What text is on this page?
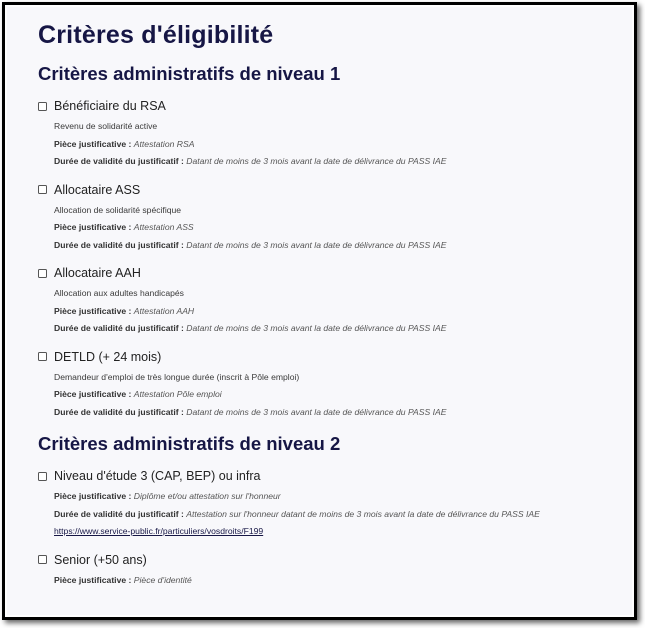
Critères d'éligibilité
Critères administratifs de niveau 1
Bénéficiaire du RSA
Revenu de solidarité active
Pièce justificative : Attestation RSA
Durée de validité du justificatif : Datant de moins de 3 mois avant la date de délivrance du PASS IAE
Allocataire ASS
Allocation de solidarité spécifique
Pièce justificative : Attestation ASS
Durée de validité du justificatif : Datant de moins de 3 mois avant la date de délivrance du PASS IAE
Allocataire AAH
Allocation aux adultes handicapés
Pièce justificative : Attestation AAH
Durée de validité du justificatif : Datant de moins de 3 mois avant la date de délivrance du PASS IAE
DETLD (+ 24 mois)
Demandeur d'emploi de très longue durée (inscrit à Pôle emploi)
Pièce justificative : Attestation Pôle emploi
Durée de validité du justificatif : Datant de moins de 3 mois avant la date de délivrance du PASS IAE
Critères administratifs de niveau 2
Niveau d'étude 3 (CAP, BEP) ou infra
Pièce justificative : Diplôme et/ou attestation sur l'honneur
Durée de validité du justificatif : Attestation sur l'honneur datant de moins de 3 mois avant la date de délivrance du PASS IAE
https://www.service-public.fr/particuliers/vosdroits/F199
Senior (+50 ans)
Pièce justificative : Pièce d'identité
